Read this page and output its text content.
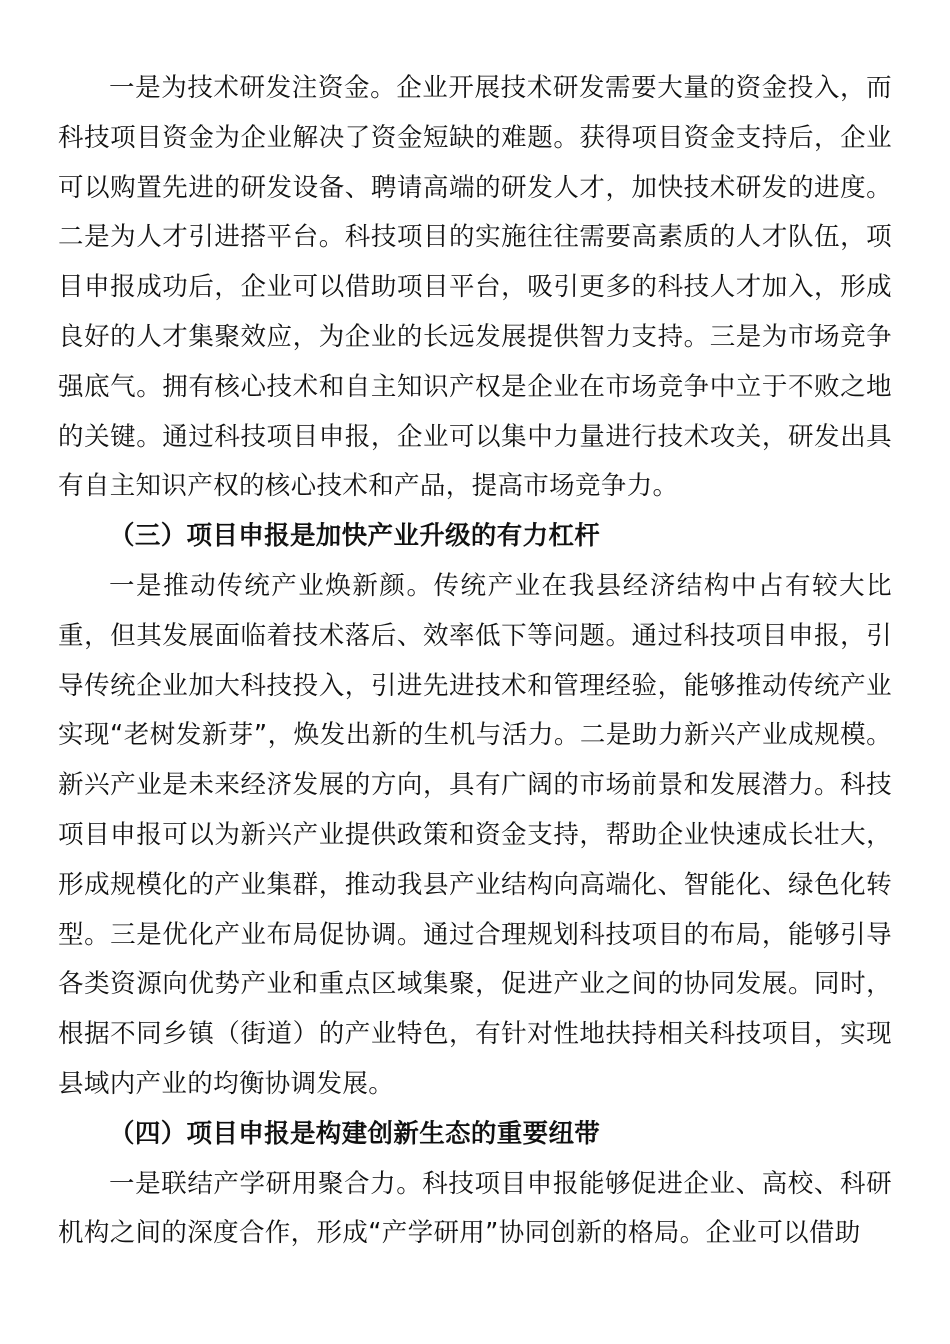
一是为技术研发注资金。企业开展技术研发需要大量的资金投入，而科技项目资金为企业解决了资金短缺的难题。获得项目资金支持后，企业可以购置先进的研发设备、聘请高端的研发人才，加快技术研发的进度。二是为人才引进搭平台。科技项目的实施往往需要高素质的人才队伍，项目申报成功后，企业可以借助项目平台，吸引更多的科技人才加入，形成良好的人才集聚效应，为企业的长远发展提供智力支持。三是为市场竞争强底气。拥有核心技术和自主知识产权是企业在市场竞争中立于不败之地的关键。通过科技项目申报，企业可以集中力量进行技术攻关，研发出具有自主知识产权的核心技术和产品，提高市场竞争力。

（三）项目申报是加快产业升级的有力杠杆

一是推动传统产业焕新颜。传统产业在我县经济结构中占有较大比重，但其发展面临着技术落后、效率低下等问题。通过科技项目申报，引导传统企业加大科技投入，引进先进技术和管理经验，能够推动传统产业实现“老树发新芽”，焕发出新的生机与活力。二是助力新兴产业成规模。新兴产业是未来经济发展的方向，具有广阔的市场前景和发展潜力。科技项目申报可以为新兴产业提供政策和资金支持，帮助企业快速成长壮大，形成规模化的产业集群，推动我县产业结构向高端化、智能化、绿色化转型。三是优化产业布局促协调。通过合理规划科技项目的布局，能够引导各类资源向优势产业和重点区域集聚，促进产业之间的协同发展。同时，根据不同乡镇（街道）的产业特色，有针对性地扶持相关科技项目，实现县域内产业的均衡协调发展。

（四）项目申报是构建创新生态的重要纽带

一是联结产学研用聚合力。科技项目申报能够促进企业、高校、科研机构之间的深度合作，形成“产学研用”协同创新的格局。企业可以借助
